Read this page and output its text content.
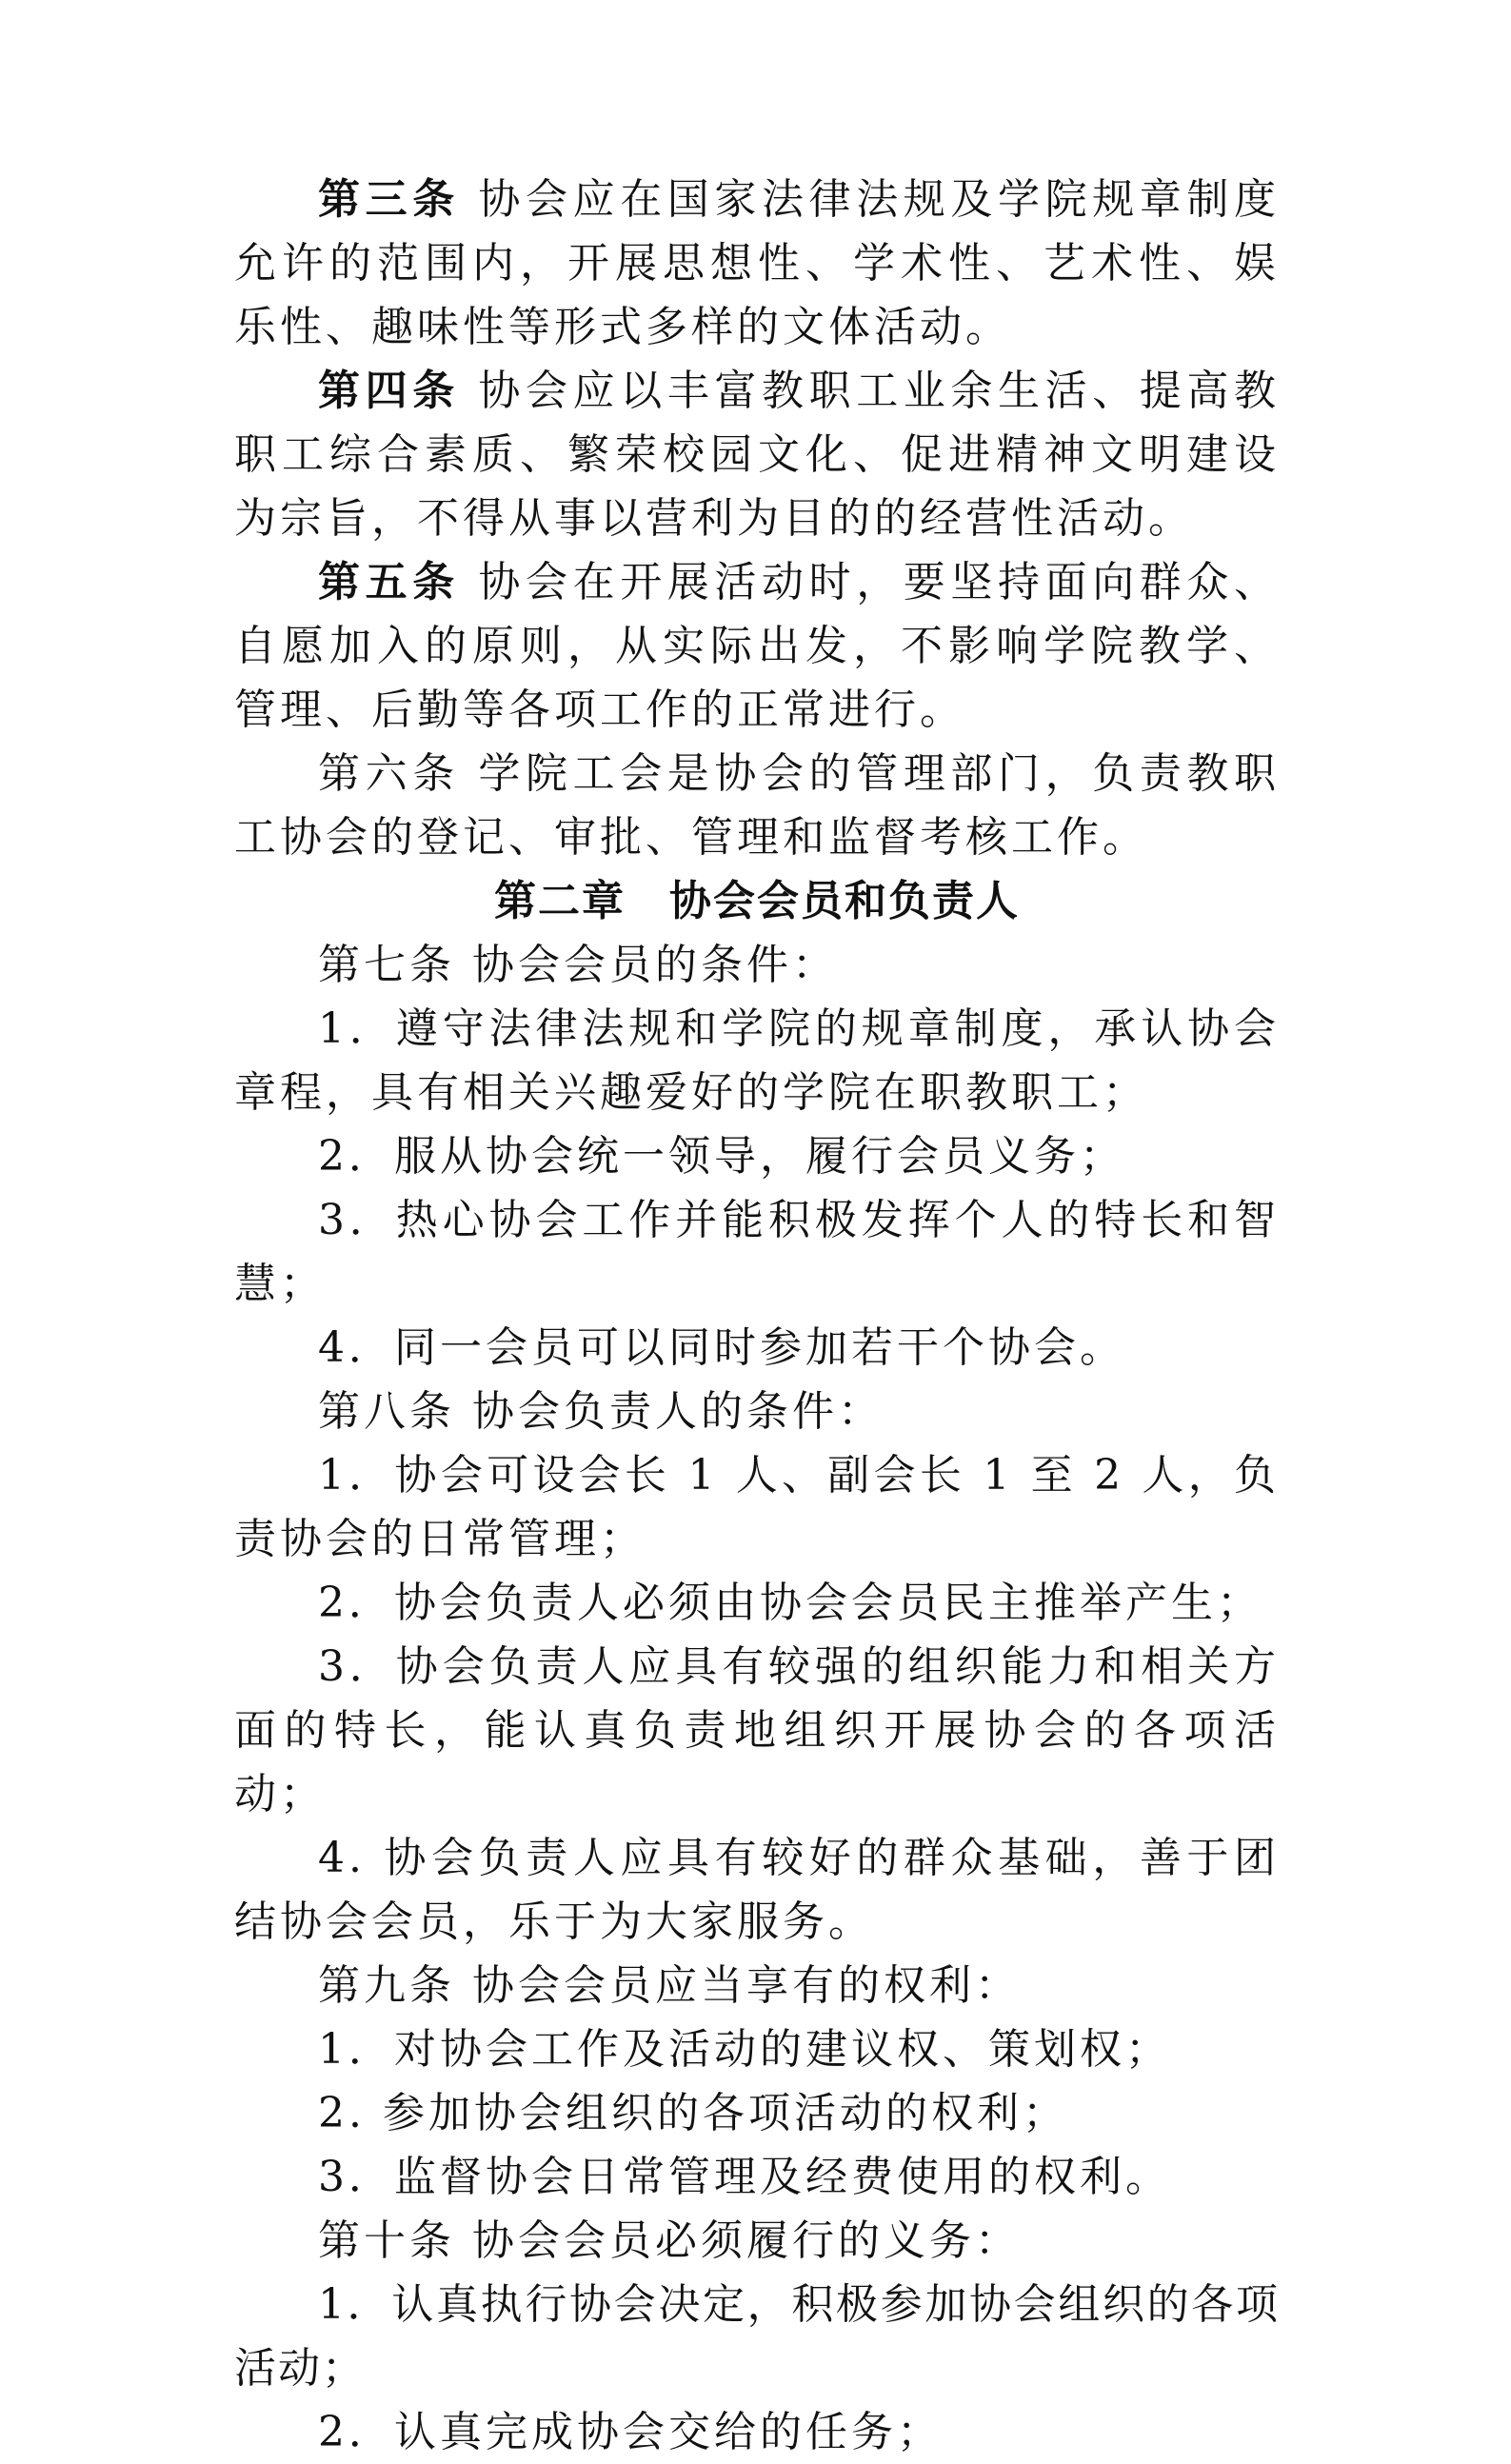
第三条 协会应在国家法律法规及学院规章制度允许的范围内，开展思想性、学术性、艺术性、娱乐性、趣味性等形式多样的文体活动。

第四条 协会应以丰富教职工业余生活、提高教职工综合素质、繁荣校园文化、促进精神文明建设为宗旨，不得从事以营利为目的的经营性活动。

第五条 协会在开展活动时，要坚持面向群众、自愿加入的原则，从实际出发，不影响学院教学、管理、后勤等各项工作的正常进行。

第六条 学院工会是协会的管理部门，负责教职工协会的登记、审批、管理和监督考核工作。

第二章　协会会员和负责人

第七条 协会会员的条件：

1．遵守法律法规和学院的规章制度，承认协会章程，具有相关兴趣爱好的学院在职教职工；

2．服从协会统一领导，履行会员义务；

3．热心协会工作并能积极发挥个人的特长和智慧；

4．同一会员可以同时参加若干个协会。

第八条 协会负责人的条件：

1．协会可设会长 1 人、副会长 1 至 2 人，负责协会的日常管理；

2．协会负责人必须由协会会员民主推举产生；

3．协会负责人应具有较强的组织能力和相关方面的特长，能认真负责地组织开展协会的各项活动；

4. 协会负责人应具有较好的群众基础，善于团结协会会员，乐于为大家服务。

第九条 协会会员应当享有的权利：

1．对协会工作及活动的建议权、策划权；

2. 参加协会组织的各项活动的权利；

3．监督协会日常管理及经费使用的权利。

第十条 协会会员必须履行的义务：

1．认真执行协会决定，积极参加协会组织的各项活动；

2．认真完成协会交给的任务；
